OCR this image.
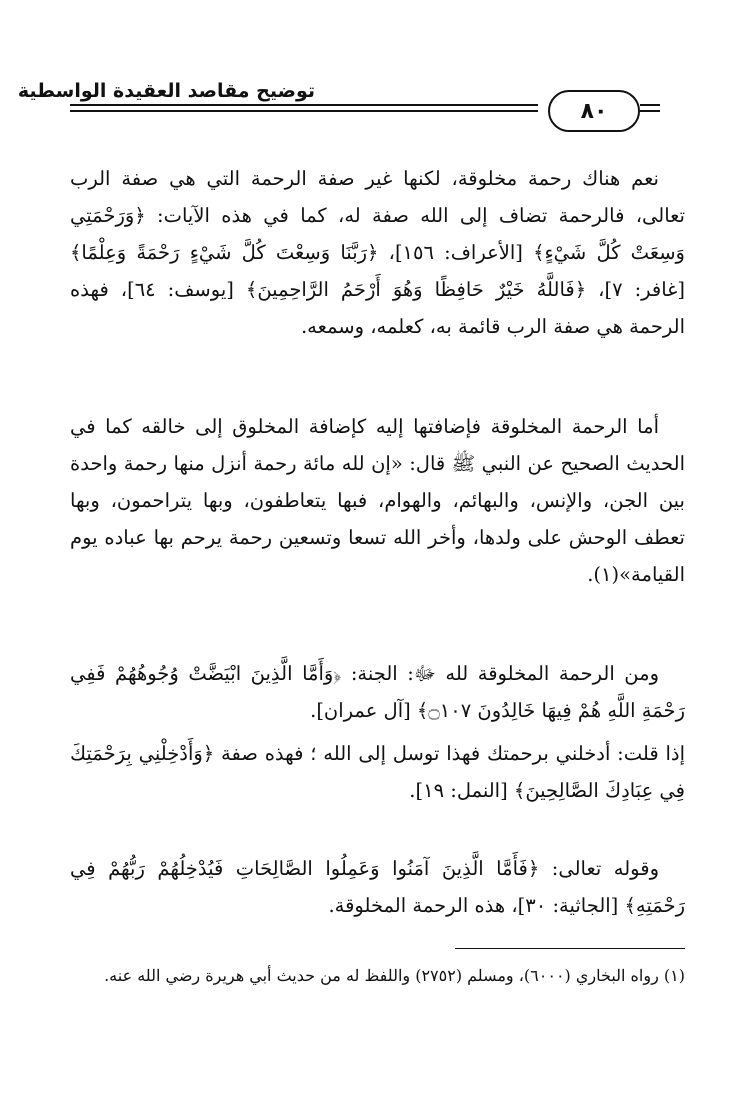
توضيح مقاصد العقيدة الواسطية
٨٠
نعم هناك رحمة مخلوقة، لكنها غير صفة الرحمة التي هي صفة الرب تعالى، فالرحمة تضاف إلى الله صفة له، كما في هذه الآيات: ﴿وَرَحْمَتِي وَسِعَتْ كُلَّ شَيْءٍ﴾ [الأعراف: ١٥٦]، ﴿رَبَّنَا وَسِعْتَ كُلَّ شَيْءٍ رَحْمَةً وَعِلْمًا﴾ [غافر: ٧]، ﴿فَاللَّهُ خَيْرٌ حَافِظًا وَهُوَ أَرْحَمُ الرَّاحِمِينَ﴾ [يوسف: ٦٤]، فهذه الرحمة هي صفة الرب قائمة به، كعلمه، وسمعه.
أما الرحمة المخلوقة فإضافتها إليه كإضافة المخلوق إلى خالقه كما في الحديث الصحيح عن النبي ﷺ قال: «إن لله مائة رحمة أنزل منها رحمة واحدة بين الجن، والإنس، والبهائم، والهوام، فبها يتعاطفون، وبها يتراحمون، وبها تعطف الوحش على ولدها، وأخر الله تسعا وتسعين رحمة يرحم بها عباده يوم القيامة»(١).
ومن الرحمة المخلوقة لله ﷻ: الجنة: ﴿وَأَمَّا الَّذِينَ ابْيَضَّتْ وُجُوهُهُمْ فَفِي رَحْمَةِ اللَّهِ هُمْ فِيهَا خَالِدُونَ ۝١٠٧﴾ [آل عمران].
إذا قلت: أدخلني برحمتك فهذا توسل إلى الله ؛ فهذه صفة ﴿وَأَدْخِلْنِي بِرَحْمَتِكَ فِي عِبَادِكَ الصَّالِحِينَ﴾ [النمل: ١٩].
وقوله تعالى: ﴿فَأَمَّا الَّذِينَ آمَنُوا وَعَمِلُوا الصَّالِحَاتِ فَيُدْخِلُهُمْ رَبُّهُمْ فِي رَحْمَتِهِ﴾ [الجاثية: ٣٠]، هذه الرحمة المخلوقة.
(١) رواه البخاري (٦٠٠٠)، ومسلم (٢٧٥٢) واللفظ له من حديث أبي هريرة رضي الله عنه.
